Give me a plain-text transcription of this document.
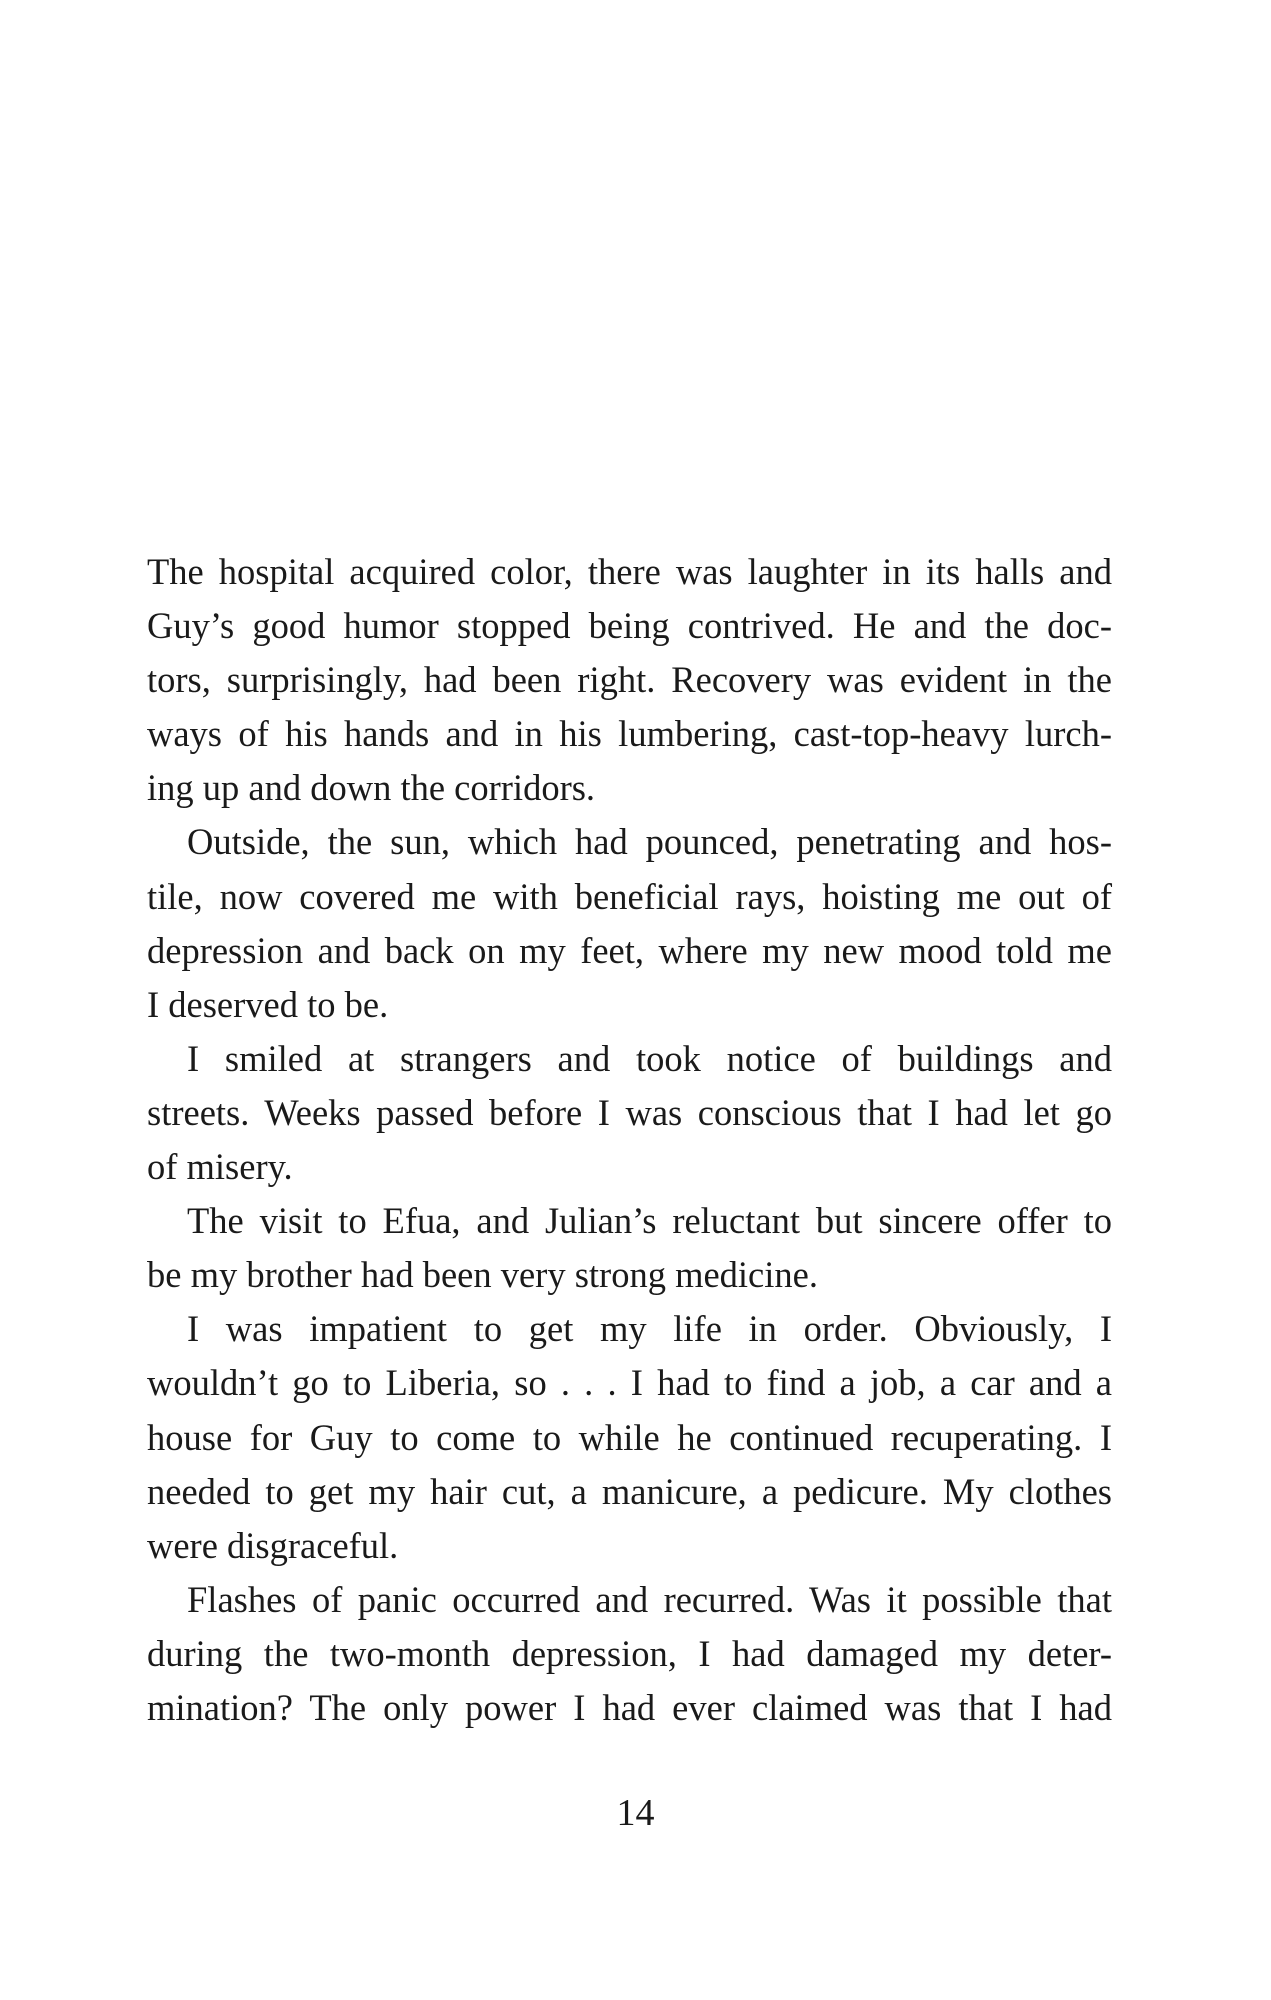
The hospital acquired color, there was laughter in its halls and
Guy’s good humor stopped being contrived. He and the doc-
tors, surprisingly, had been right. Recovery was evident in the
ways of his hands and in his lumbering, cast-top-heavy lurch-
ing up and down the corridors.
Outside, the sun, which had pounced, penetrating and hos-
tile, now covered me with beneficial rays, hoisting me out of
depression and back on my feet, where my new mood told me
I deserved to be.
I smiled at strangers and took notice of buildings and
streets. Weeks passed before I was conscious that I had let go
of misery.
The visit to Efua, and Julian’s reluctant but sincere offer to
be my brother had been very strong medicine.
I was impatient to get my life in order. Obviously, I
wouldn’t go to Liberia, so . . . I had to find a job, a car and a
house for Guy to come to while he continued recuperating. I
needed to get my hair cut, a manicure, a pedicure. My clothes
were disgraceful.
Flashes of panic occurred and recurred. Was it possible that
during the two-month depression, I had damaged my deter-
mination? The only power I had ever claimed was that I had
14
